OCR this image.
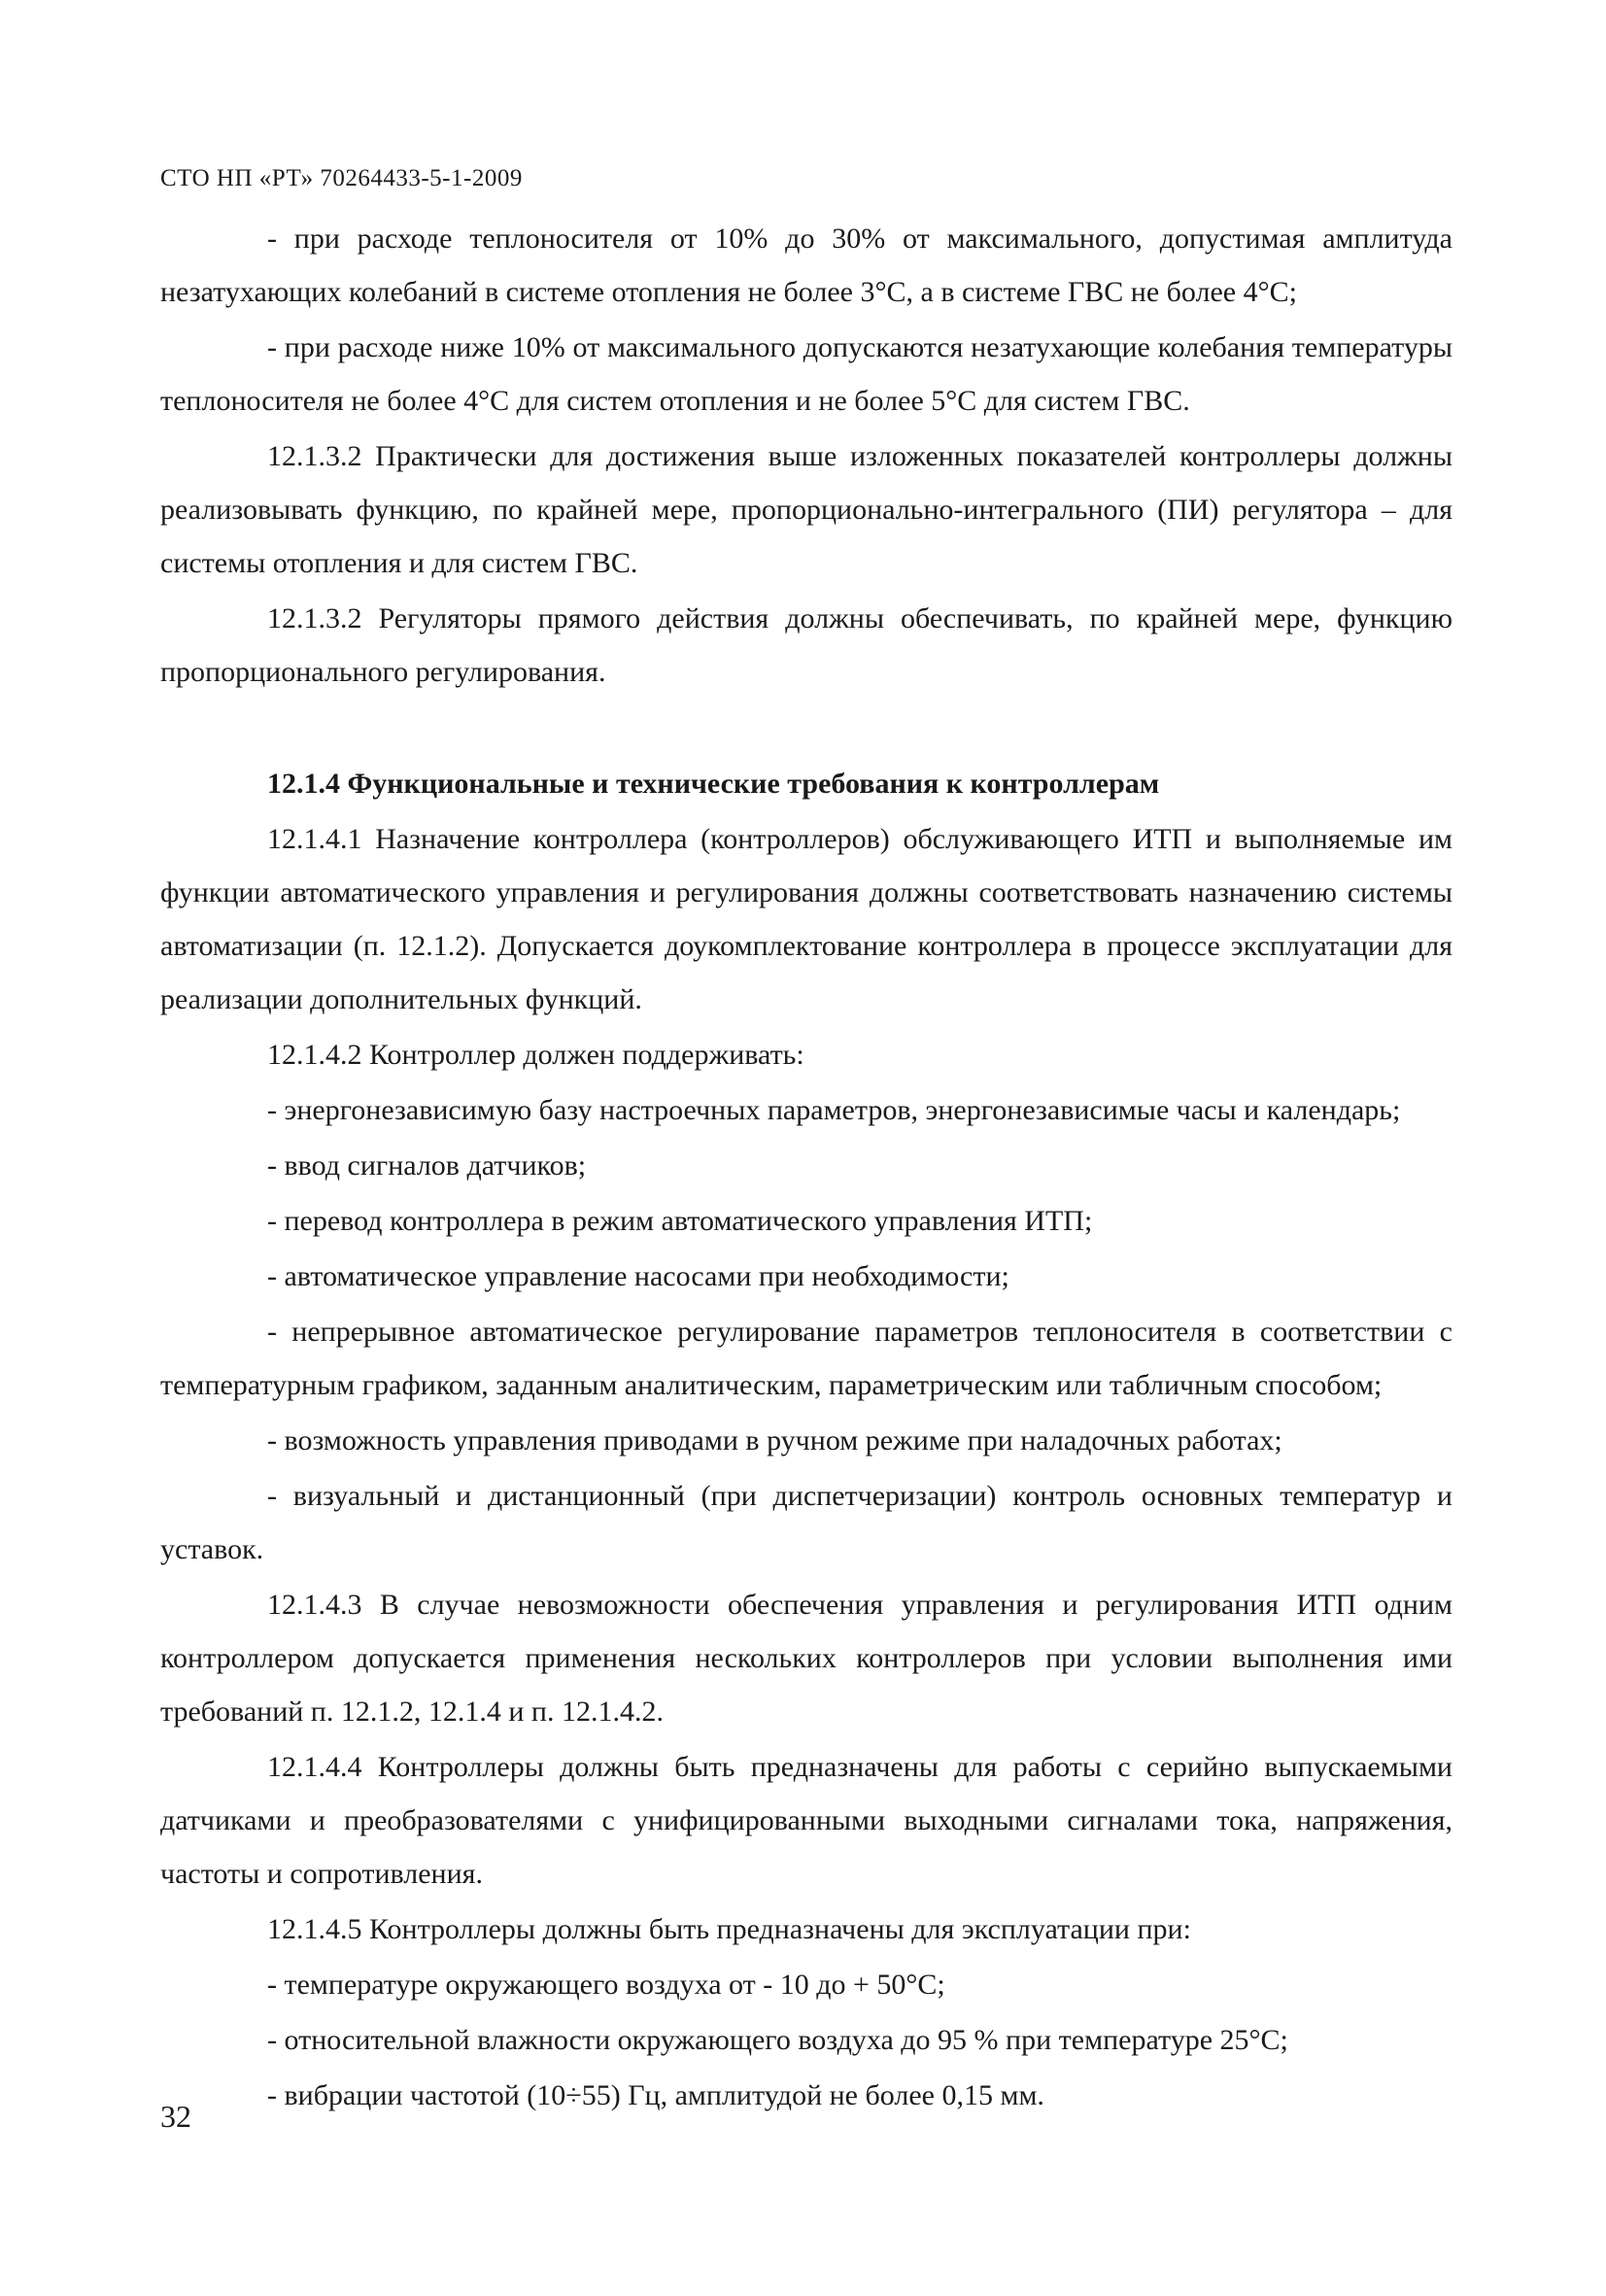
СТО НП «РТ» 70264433-5-1-2009

- при расходе теплоносителя от 10% до 30% от максимального, допустимая амплитуда незатухающих колебаний в системе отопления не более 3°С, а в системе ГВС не более 4°С;

- при расходе ниже 10% от максимального допускаются незатухающие колебания температуры теплоносителя не более 4°С для систем отопления и не более 5°С для систем ГВС.

12.1.3.2 Практически для достижения выше изложенных показателей контроллеры должны реализовывать функцию, по крайней мере, пропорционально-интегрального (ПИ) регулятора – для системы отопления и для систем ГВС.

12.1.3.2 Регуляторы прямого действия должны обеспечивать, по крайней мере, функцию пропорционального регулирования.

12.1.4 Функциональные и технические требования к контроллерам

12.1.4.1 Назначение контроллера (контроллеров) обслуживающего ИТП и выполняемые им функции автоматического управления и регулирования должны соответствовать назначению системы автоматизации (п. 12.1.2). Допускается доукомплектование контроллера в процессе эксплуатации для реализации дополнительных функций.

12.1.4.2 Контроллер должен поддерживать:

- энергонезависимую базу настроечных параметров, энергонезависимые часы и календарь;

- ввод сигналов датчиков;

- перевод контроллера в режим автоматического управления ИТП;

- автоматическое управление насосами при необходимости;

- непрерывное автоматическое регулирование параметров теплоносителя в соответствии с температурным графиком, заданным аналитическим, параметрическим или табличным способом;

- возможность управления приводами в ручном режиме при наладочных работах;

- визуальный и дистанционный (при диспетчеризации) контроль основных температур и уставок.

12.1.4.3 В случае невозможности обеспечения управления и регулирования ИТП одним контроллером допускается применения нескольких контроллеров при условии выполнения ими требований п. 12.1.2, 12.1.4 и п. 12.1.4.2.

12.1.4.4 Контроллеры должны быть предназначены для работы с серийно выпускаемыми датчиками и преобразователями с унифицированными выходными сигналами тока, напряжения, частоты и сопротивления.

12.1.4.5 Контроллеры должны быть предназначены для эксплуатации при:

- температуре окружающего воздуха от - 10 до + 50°С;

- относительной влажности окружающего воздуха до 95 % при температуре 25°С;

- вибрации частотой (10÷55) Гц, амплитудой не более 0,15 мм.

32
